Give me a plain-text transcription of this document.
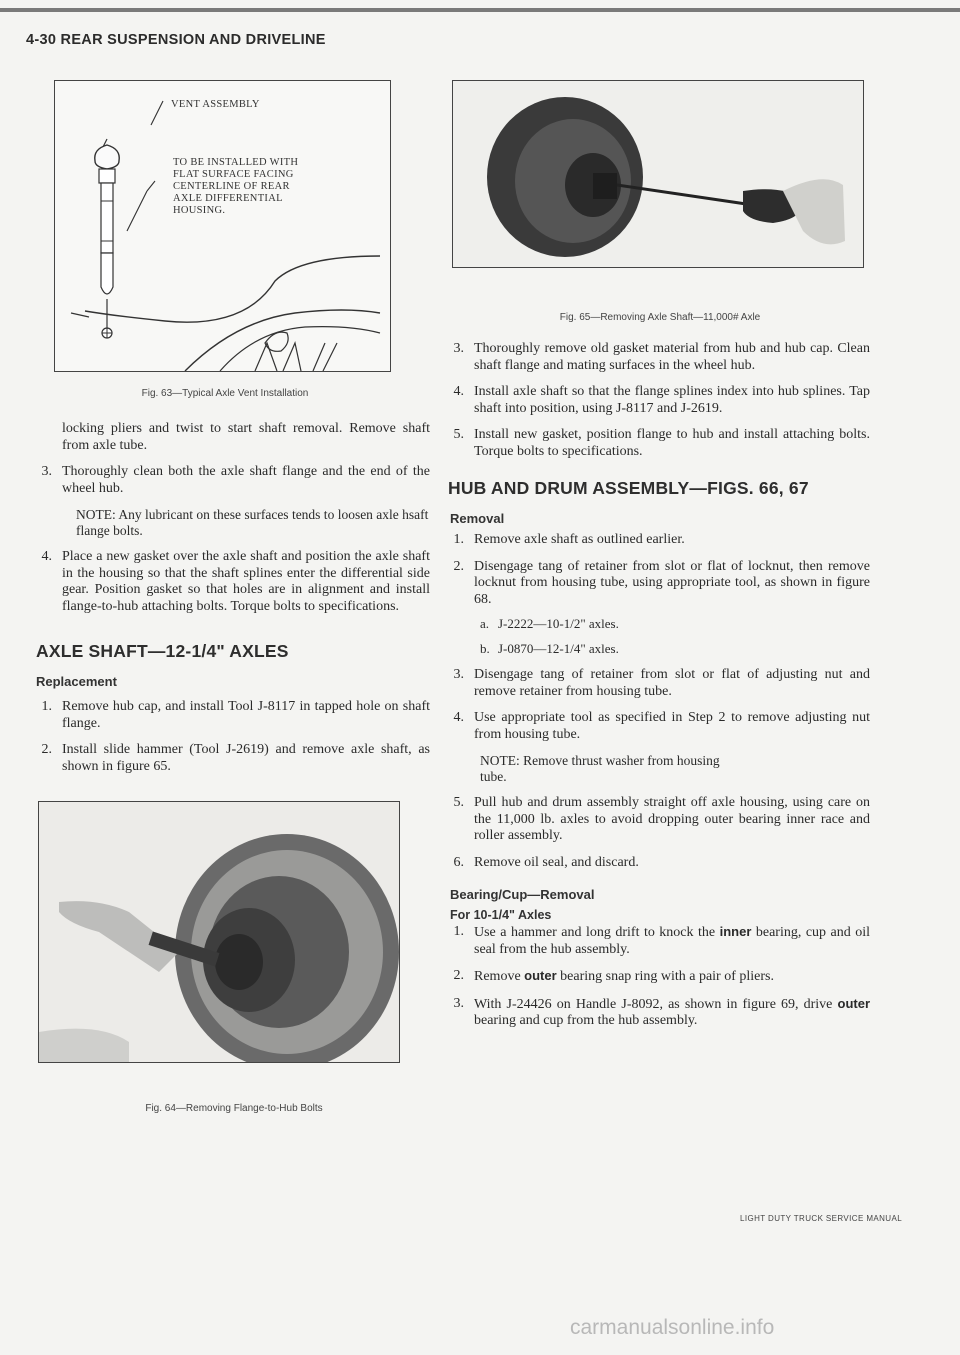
4-30 REAR SUSPENSION AND DRIVELINE
VENT ASSEMBLY
TO BE INSTALLED WITH
FLAT SURFACE FACING
CENTERLINE OF REAR
AXLE DIFFERENTIAL
HOUSING.
Fig. 63—Typical Axle Vent Installation

locking pliers and twist to start shaft removal. Remove shaft from axle tube.

3. Thoroughly clean both the axle shaft flange and the end of the wheel hub.
NOTE: Any lubricant on these surfaces tends to loosen axle hsaft flange bolts.
4. Place a new gasket over the axle shaft and position the axle shaft in the housing so that the shaft splines enter the differential side gear. Position gasket so that holes are in alignment and install flange-to-hub attaching bolts. Torque bolts to specifications.
AXLE SHAFT—12-1/4" AXLES
Replacement
1. Remove hub cap, and install Tool J-8117 in tapped hole on shaft flange.
2. Install slide hammer (Tool J-2619) and remove axle shaft, as shown in figure 65.
Fig. 64—Removing Flange-to-Hub Bolts
Fig. 65—Removing Axle Shaft—11,000# Axle
3. Thoroughly remove old gasket material from hub and hub cap. Clean shaft flange and mating surfaces in the wheel hub.
4. Install axle shaft so that the flange splines index into hub splines. Tap shaft into position, using J-8117 and J-2619.
5. Install new gasket, position flange to hub and install attaching bolts. Torque bolts to specifications.
HUB AND DRUM ASSEMBLY—FIGS. 66, 67
Removal
1. Remove axle shaft as outlined earlier.
2. Disengage tang of retainer from slot or flat of locknut, then remove locknut from housing tube, using appropriate tool, as shown in figure 68.
a. J-2222—10-1/2" axles.
b. J-0870—12-1/4" axles.
3. Disengage tang of retainer from slot or flat of adjusting nut and remove retainer from housing tube.
4. Use appropriate tool as specified in Step 2 to remove adjusting nut from housing tube.
NOTE: Remove thrust washer from housing tube.
5. Pull hub and drum assembly straight off axle housing, using care on the 11,000 lb. axles to avoid dropping outer bearing inner race and roller assembly.
6. Remove oil seal, and discard.
Bearing/Cup—Removal
For 10-1/4" Axles
1. Use a hammer and long drift to knock the inner bearing, cup and oil seal from the hub assembly.
2. Remove outer bearing snap ring with a pair of pliers.
3. With J-24426 on Handle J-8092, as shown in figure 69, drive outer bearing and cup from the hub assembly.
LIGHT DUTY TRUCK SERVICE MANUAL
carmanualsonline.info
